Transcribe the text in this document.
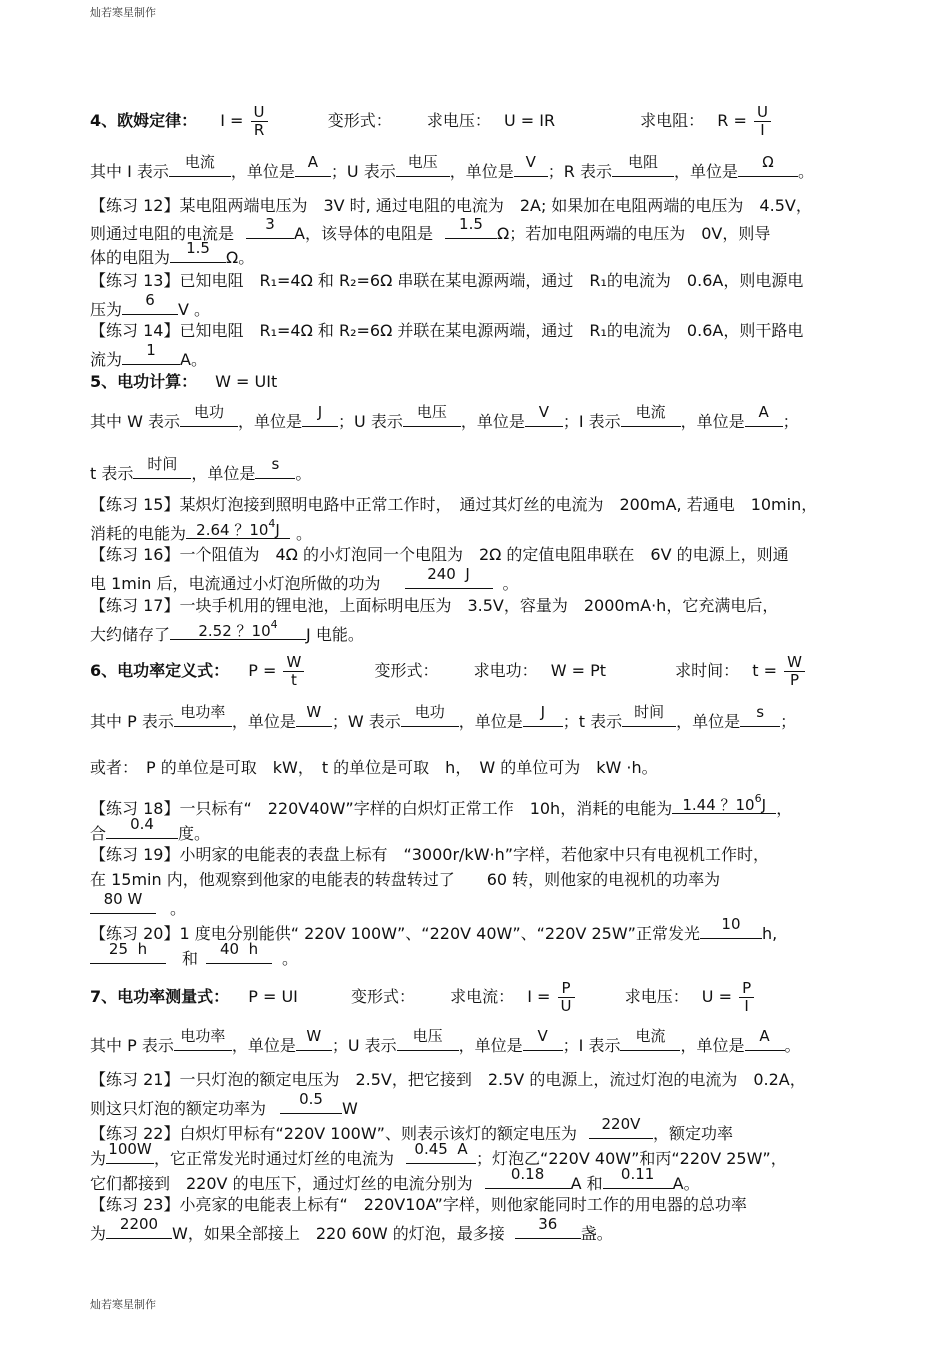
灿若寒星制作
4、欧姆定律： $I = \frac{U}{R}$	变形式： 求电压： U = IR	求电阻： $R = \frac{U}{I}$
其中 I 表示	电流	，单位是 A ；U 表示 电压 ，单位是 V ；R 表示	电阻	，单位是	Ω	。
【练习 12】某电阻两端电压为　3V 时, 通过电阻的电流为　2A; 如果加在电阻两端的电压为　4.5V，
则通过电阻的电流是	3	A，该导体的电阻是	1.5 Ω；若加电阻两端的电压为　0V，则导
体的电阻为	1.5	Ω。
【练习 13】已知电阻　R₁=4Ω 和 R₂=6Ω 串联在某电源两端，通过　R₁的电流为　0.6A，则电源电
压为	6	V 。
【练习 14】已知电阻　R₁=4Ω 和 R₂=6Ω 并联在某电源两端，通过　R₁的电流为　0.6A，则干路电
流为	1	A。
5、电功计算： W = UIt
其中 W 表示 电功 ，单位是	J ；U 表示 电压 ，单位是 V ；I 表示 电流 ，单位是 A ；
t 表示 时间 ，单位是	s	。
【练习 15】某炽灯泡接到照明电路中正常工作时，　通过其灯丝的电流为　200mA, 若通电　10min，
消耗的电能为 2.64 ？$10^4J$	。
【练习 16】一个阻值为　4Ω 的小灯泡同一个电阻为　2Ω 的定值电阻串联在　6V 的电源上，则通
电 1min 后，电流通过小灯泡所做的功为	240 J	。
【练习 17】一块手机用的锂电池，上面标明电压为　3.5V，容量为　2000mA·h，它充满电后，
大约储存了	2.52 ？$10^4$
J 电能。
6、电功率定义式： $P = \frac{W}{t}$	变形式： 求电功： W = Pt	求时间： $t = \frac{W}{P}$
其中 P 表示 电功率 ，单位是 W ；W 表示 电功 ，单位是	J	；t 表示 时间 ，单位是	s	；
或者：　P 的单位是可取　kW，　t 的单位是可取　h，　W 的单位可为　kW ·h。
【练习 18】一只标有“　220V40W”字样的白炽灯正常工作　10h，消耗的电能为 1.44 ？$10^6J$ ，
合	0.4	度。
【练习 19】小明家的电能表的表盘上标有　“3000r/kW·h”字样，若他家中只有电视机工作时，
在 15min 内，他观察到他家的电能表的转盘转过了　　60 转，则他家的电视机的功率为
80 W	。
【练习 20】1 度电分别能供“ 220V 100W”、“220V 40W”、“220V 25W”正常发光	10	h,
25 h	和	40 h	。
7、电功率测量式： P = UI	变形式： 求电流： $I = \frac{P}{U}$	求电压： $U = \frac{P}{I}$
其中 P 表示 电功率 ，单位是 W ；U 表示	电压	，单位是 V ；I 表示 电流 ，单位是 A 。
【练习 21】一只灯泡的额定电压为　2.5V，把它接到　2.5V 的电源上，流过灯泡的电流为　0.2A，
则这只灯泡的额定功率为	0.5	W
【练习 22】白炽灯甲标有“220V 100W”、则表示该灯的额定电压为	220V ，额定功率
为 100W ，它正常发光时通过灯丝的电流为	0.45 A ；灯泡乙“220V 40W”和丙“220V 25W”，
它们都接到　220V 的电压下，通过灯丝的电流分别为	0.18	A 和	0.11	A。
【练习 23】小亮家的电能表上标有“　220V10A”字样，则他家能同时工作的用电器的总功率
为 2200 W，如果全部接上　220 60W 的灯泡，最多接	36	盏。
灿若寒星制作
